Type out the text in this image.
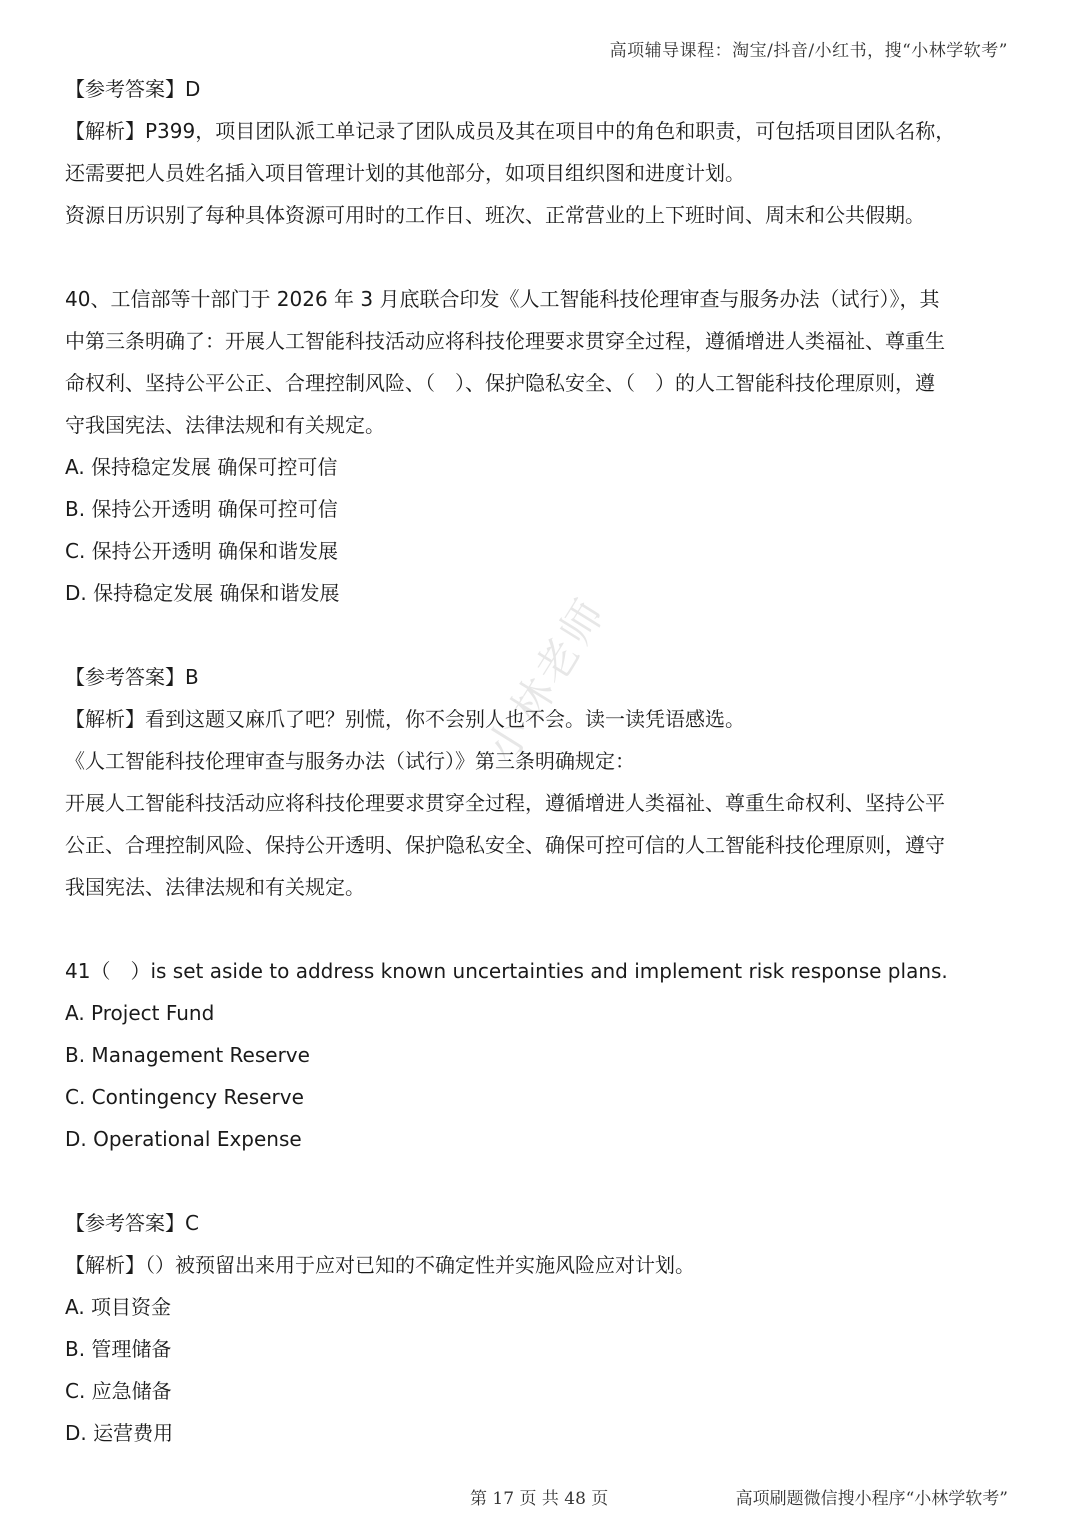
高项辅导课程：淘宝/抖音/小红书，搜“小林学软考”

【参考答案】D

【解析】P399，项目团队派工单记录了团队成员及其在项目中的角色和职责，可包括项目团队名称，

还需要把人员姓名插入项目管理计划的其他部分，如项目组织图和进度计划。

资源日历识别了每种具体资源可用时的工作日、班次、正常营业的上下班时间、周末和公共假期。

40、工信部等十部门于 2026 年 3 月底联合印发《人工智能科技伦理审查与服务办法（试行）》，其

中第三条明确了：开展人工智能科技活动应将科技伦理要求贯穿全过程，遵循增进人类福祉、尊重生

命权利、坚持公平公正、合理控制风险、（　）、保护隐私安全、（　）的人工智能科技伦理原则，遵

守我国宪法、法律法规和有关规定。

A. 保持稳定发展 确保可控可信

B. 保持公开透明 确保可控可信

C. 保持公开透明 确保和谐发展

D. 保持稳定发展 确保和谐发展

【参考答案】B

【解析】看到这题又麻爪了吧？别慌，你不会别人也不会。读一读凭语感选。

《人工智能科技伦理审查与服务办法（试行）》第三条明确规定：

开展人工智能科技活动应将科技伦理要求贯穿全过程，遵循增进人类福祉、尊重生命权利、坚持公平

公正、合理控制风险、保持公开透明、保护隐私安全、确保可控可信的人工智能科技伦理原则，遵守

我国宪法、法律法规和有关规定。

41（　）is set aside to address known uncertainties and implement risk response plans.

A. Project Fund

B. Management Reserve

C. Contingency Reserve

D. Operational Expense

【参考答案】C

【解析】（）被预留出来用于应对已知的不确定性并实施风险应对计划。

A. 项目资金

B. 管理储备

C. 应急储备

D. 运营费用

小林老师
第 17 页 共 48 页	高项刷题微信搜小程序“小林学软考”
